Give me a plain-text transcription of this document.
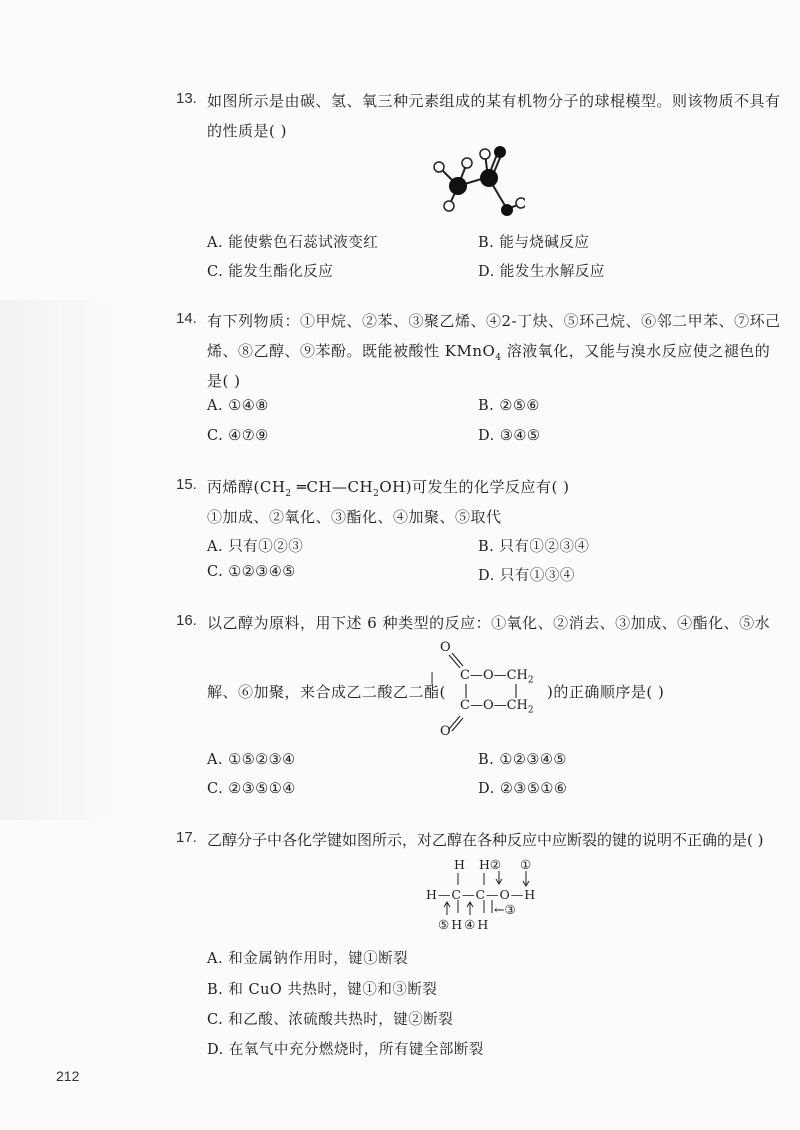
13. 如图所示是由碳、氢、氧三种元素组成的某有机物分子的球棍模型。则该物质不具有
的性质是( )
A. 能使紫色石蕊试液变红	B. 能与烧碱反应
C. 能发生酯化反应	D. 能发生水解反应
14. 有下列物质：①甲烷、②苯、③聚乙烯、④2-丁炔、⑤环己烷、⑥邻二甲苯、⑦环己
烯、⑧乙醇、⑨苯酚。既能被酸性 KMnO$_4$ 溶液氧化，又能与溴水反应使之褪色的
是( )
A. ①④⑧	B. ②⑤⑥
C. ④⑦⑨	D. ③④⑤
15. 丙烯醇($CH_2$ $═CH—CH_2OH$)可发生的化学反应有( )
①加成、②氧化、③酯化、④加聚、⑤取代
A. 只有①②③	B. 只有①②③④
C. ①②③④⑤	D. 只有①③④
16. 以乙醇为原料，用下述 6 种类型的反应：①氧化、②消去、③加成、④酯化、⑤水
解、⑥加聚，来合成乙二酸乙二酯(
O
$C—O—CH_2$
$C—O—CH_2$
O
|
)的正确顺序是( )
A. ①⑤②③④	B. ①②③④⑤
C. ②③⑤①④	D. ②③⑤①⑥
17. 乙醇分子中各化学键如图所示，对乙醇在各种反应中应断裂的键的说明不正确的是( )
H H② ①
H—C—C—O—H
←③
⑤H④H
A. 和金属钠作用时，键①断裂
B. 和 CuO 共热时，键①和③断裂
C. 和乙酸、浓硫酸共热时，键②断裂
D. 在氧气中充分燃烧时，所有键全部断裂
212
